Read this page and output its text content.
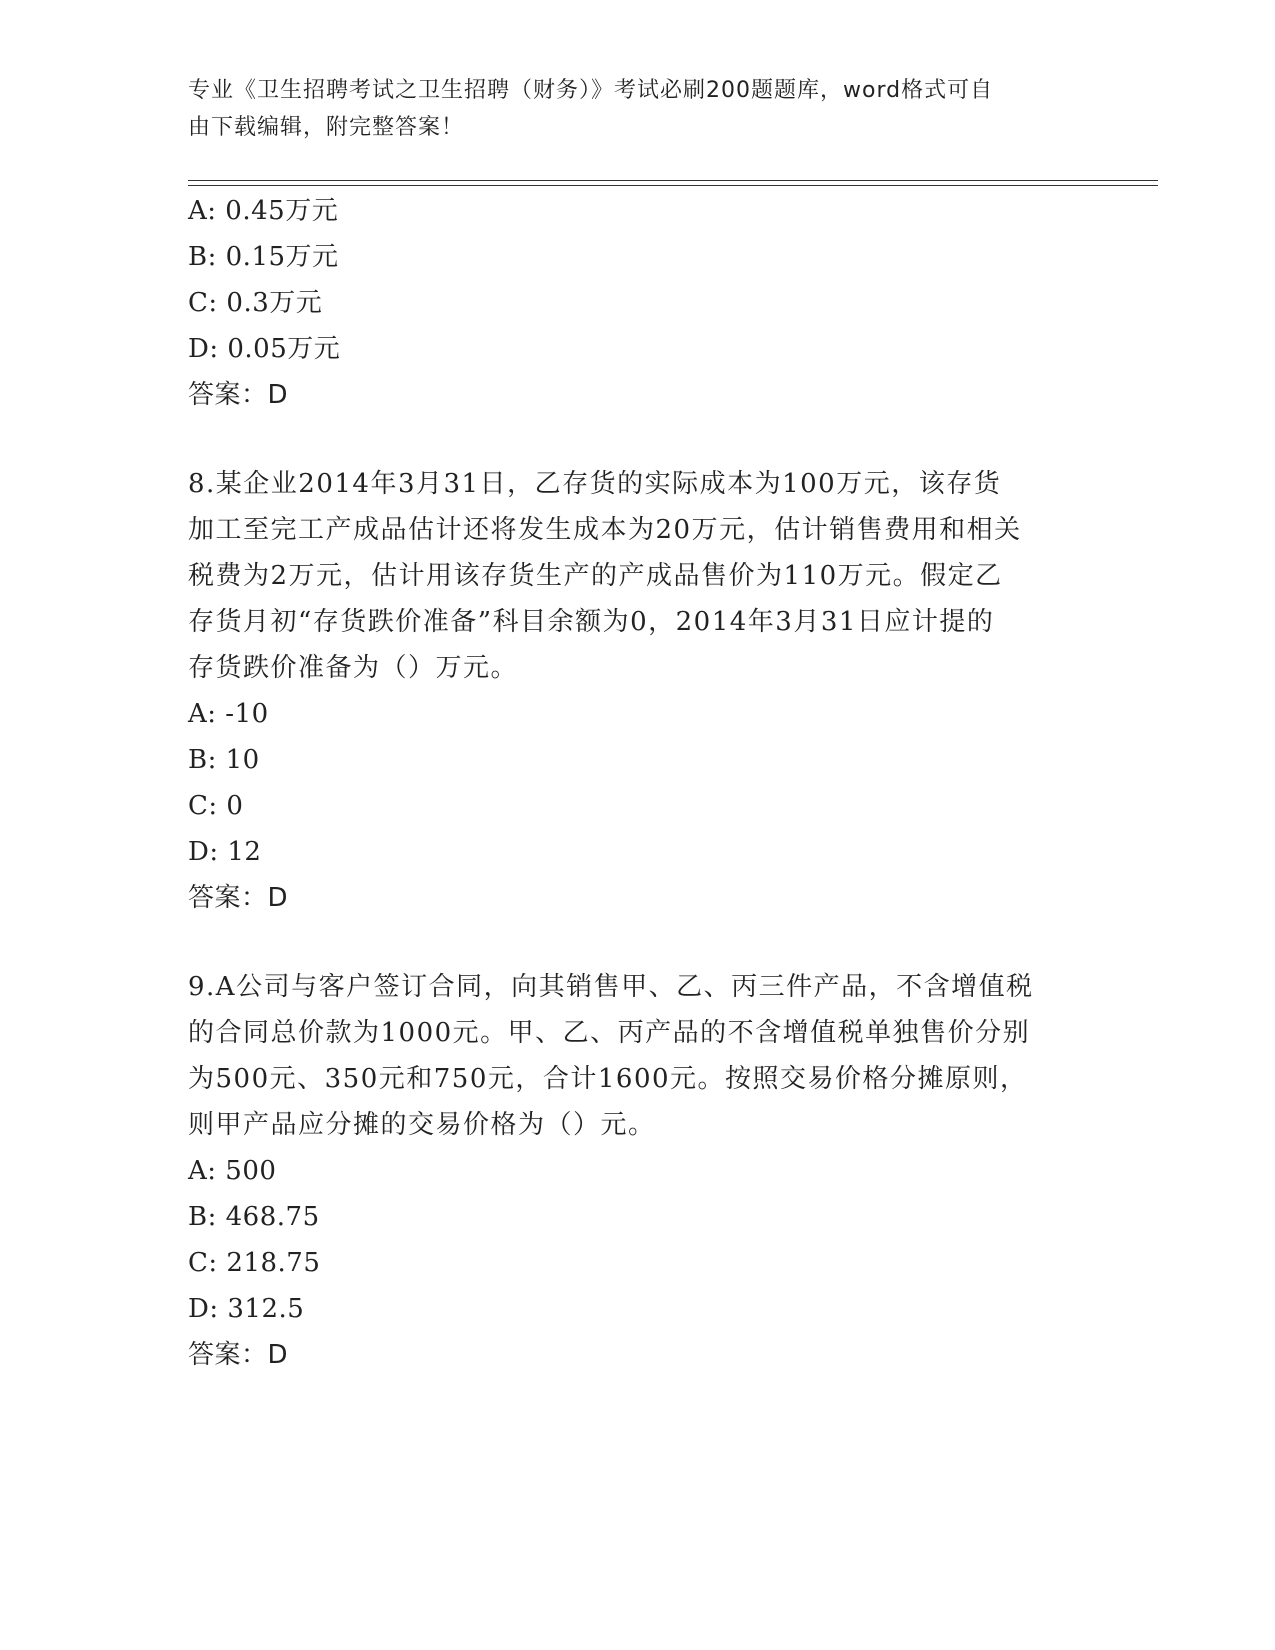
专业《卫生招聘考试之卫生招聘（财务）》考试必刷200题题库，word格式可自
由下载编辑，附完整答案！
A: 0.45万元
B: 0.15万元
C: 0.3万元
D: 0.05万元
答案：D
8.某企业2014年3月31日，乙存货的实际成本为100万元，该存货
加工至完工产成品估计还将发生成本为20万元，估计销售费用和相关
税费为2万元，估计用该存货生产的产成品售价为110万元。假定乙
存货月初“存货跌价准备”科目余额为0，2014年3月31日应计提的
存货跌价准备为（）万元。
A: -10
B: 10
C: 0
D: 12
答案：D
9.A公司与客户签订合同，向其销售甲、乙、丙三件产品，不含增值税
的合同总价款为1000元。甲、乙、丙产品的不含增值税单独售价分别
为500元、350元和750元，合计1600元。按照交易价格分摊原则，
则甲产品应分摊的交易价格为（）元。
A: 500
B: 468.75
C: 218.75
D: 312.5
答案：D
